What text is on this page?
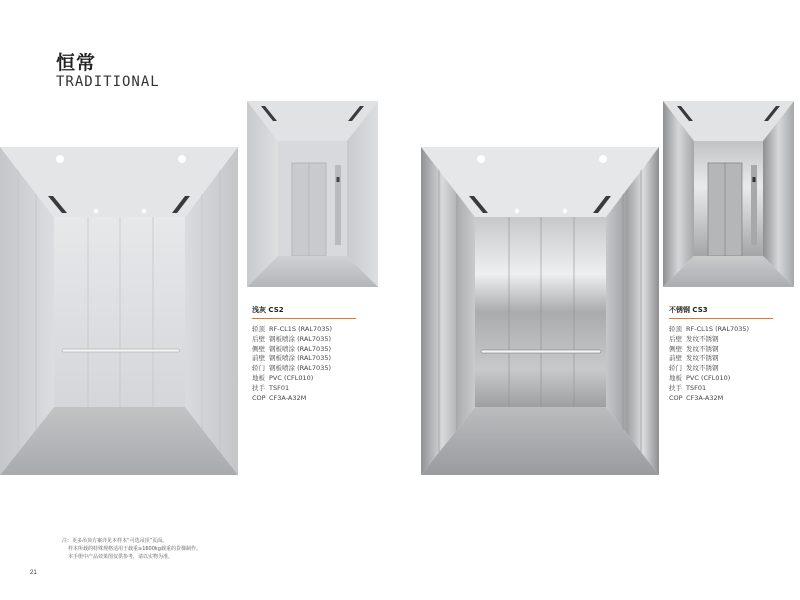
恒常
TRADITIONAL
浅灰 CS2
轿顶 RF-CL1S (RAL7035)
后壁 钢板喷涂 (RAL7035)
侧壁 钢板喷涂 (RAL7035)
前壁 钢板喷涂 (RAL7035)
轿门 钢板喷涂 (RAL7035)
地板 PVC (CFL010)
扶手 TSF01
COP CF3A-A32M
不锈钢 CS3
轿顶 RF-CL1S (RAL7035)
后壁 发纹不锈钢
侧壁 发纹不锈钢
前壁 发纹不锈钢
轿门 发纹不锈钢
地板 PVC (CFL010)
扶手 TSF01
COP CF3A-A32M
注：更多吊顶方案详见本样本“可选吊顶”页面。
样本所载的特殊规格适用于载重≥1600kg载重的货梯制作。
本手册中产品效果图仅供参考，请以实物为准。
21
